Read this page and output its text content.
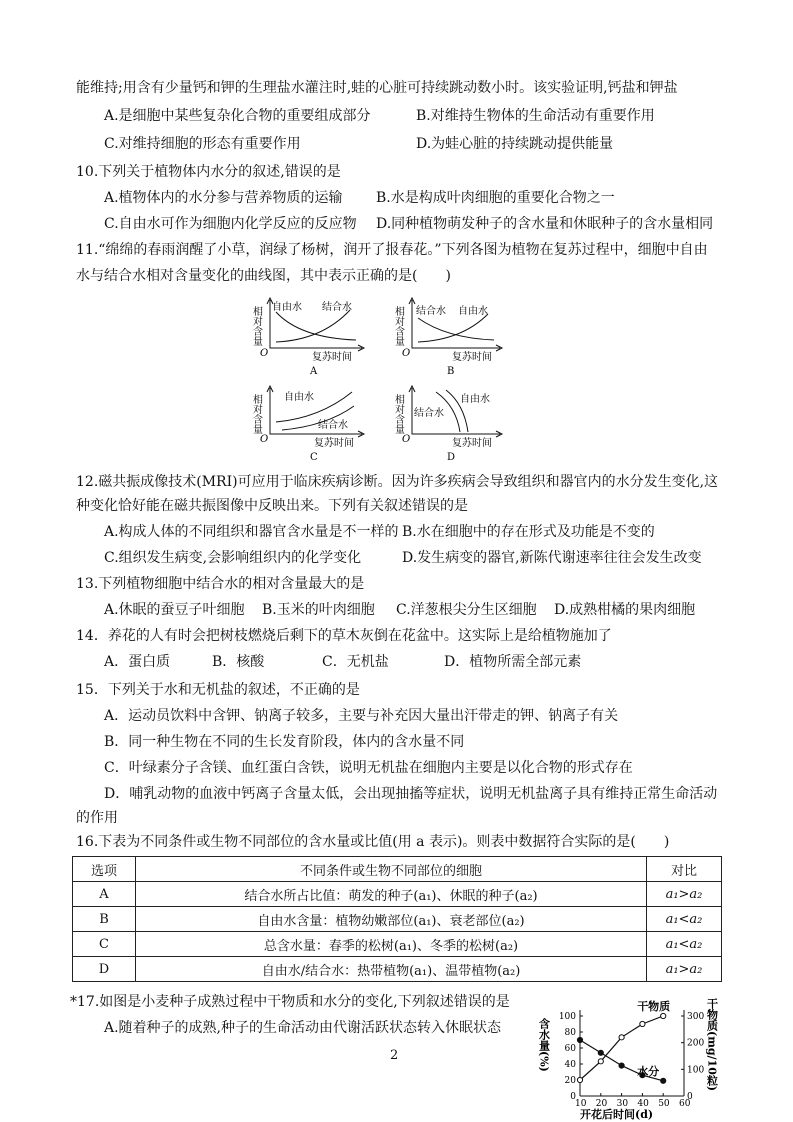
能维持;用含有少量钙和钾的生理盐水灌注时,蛙的心脏可持续跳动数小时。该实验证明,钙盐和钾盐
A.是细胞中某些复杂化合物的重要组成部分	B.对维持生物体的生命活动有重要作用
C.对维持细胞的形态有重要作用	D.为蛙心脏的持续跳动提供能量
10.下列关于植物体内水分的叙述,错误的是
A.植物体内的水分参与营养物质的运输 B.水是构成叶肉细胞的重要化合物之一
C.自由水可作为细胞内化学反应的反应物 D.同种植物萌发种子的含水量和休眠种子的含水量相同
11.“绵绵的春雨润醒了小草，润绿了杨树，润开了报春花。”下列各图为植物在复苏过程中，细胞中自由
水与结合水相对含量变化的曲线图，其中表示正确的是(　　)
相对含量
O	复苏时间
自由水 结合水
A
相对含量
O	复苏时间
结合水 自由水
B
相对含量
O	复苏时间
自由水
结合水
C
相对含量
O	复苏时间
结合水
自由水
D
12.磁共振成像技术(MRI)可应用于临床疾病诊断。因为许多疾病会导致组织和器官内的水分发生变化,这
种变化恰好能在磁共振图像中反映出来。下列有关叙述错误的是
A.构成人体的不同组织和器官含水量是不一样的 B.水在细胞中的存在形式及功能是不变的
C.组织发生病变,会影响组织内的化学变化	D.发生病变的器官,新陈代谢速率往往会发生改变
13.下列植物细胞中结合水的相对含量最大的是
A.休眠的蚕豆子叶细胞 B.玉米的叶肉细胞 C.洋葱根尖分生区细胞 D.成熟柑橘的果肉细胞
14．养花的人有时会把树枝燃烧后剩下的草木灰倒在花盆中。这实际上是给植物施加了
A．蛋白质	B．核酸	C．无机盐	D．植物所需全部元素
15．下列关于水和无机盐的叙述，不正确的是
A．运动员饮料中含钾、钠离子较多，主要与补充因大量出汗带走的钾、钠离子有关
B．同一种生物在不同的生长发育阶段，体内的含水量不同
C．叶绿素分子含镁、血红蛋白含铁，说明无机盐在细胞内主要是以化合物的形式存在
D．哺乳动物的血液中钙离子含量太低，会出现抽搐等症状，说明无机盐离子具有维持正常生命活动
的作用
16.下表为不同条件或生物不同部位的含水量或比值(用 a 表示)。则表中数据符合实际的是(　　)
选项	不同条件或生物不同部位的细胞	对比
A	结合水所占比值：萌发的种子(a₁)、休眠的种子(a₂)	a₁>a₂
B	自由水含量：植物幼嫩部位(a₁)、衰老部位(a₂)	a₁<a₂
C	总含水量：春季的松树(a₁)、冬季的松树(a₂)	a₁<a₂
D	自由水/结合水：热带植物(a₁)、温带植物(a₂)	a₁>a₂
*17.如图是小麦种子成熟过程中干物质和水分的变化,下列叙述错误的是
A.随着种子的成熟,种子的生命活动由代谢活跃状态转入休眠状态
2	含水量(%)	干物质(mg/10粒)
开花后时间(d)
10 20 30 40 50 60
0
20
40
60
80
100
0
100
200
300
水分
干物质
